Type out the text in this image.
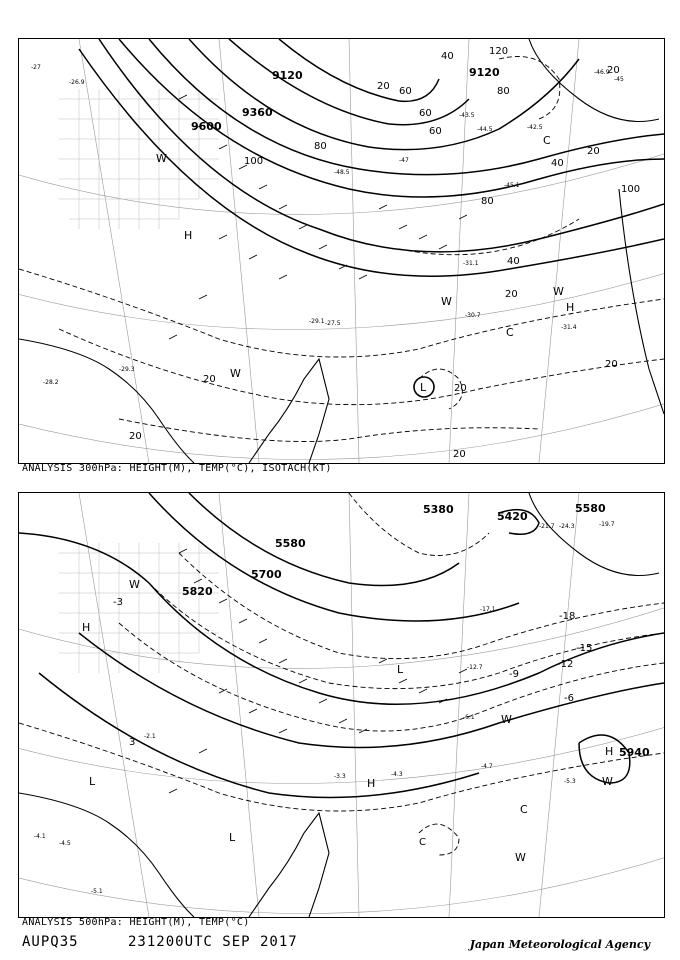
9120
9360
9600
9120
20
40
60
80
100
120
80
60
40
20
20
20
20
20
20
20
100
40
80
60
20
-27
-26.9
-28.2
-29.3
-30.7
-31.1
-31.4
-29.1 -27.5
-45
-45.1
-46.9
-48.5
-47
-43.5
-44.5	-42.5
H
H
W
W
W
W
C
C
L
ANALYSIS 300hPa: HEIGHT(M), TEMP(°C), ISOTACH(KT)
5580
5700
5820
5580
5380
5420
5940
-18
-15
-12
-9
-6
-3
3
-4.7
-4.3
-3.3
-5.3
-5.1
-4.1
-4.5
-2.1
-6.1
-12.7
-17.1
-19.7
-21.7 -24.3
H
H
W
W
W
W
L
L
L
C
C
H
ANALYSIS 500hPa: HEIGHT(M), TEMP(°C)
AUPQ35	231200UTC SEP 2017	Japan Meteorological Agency
